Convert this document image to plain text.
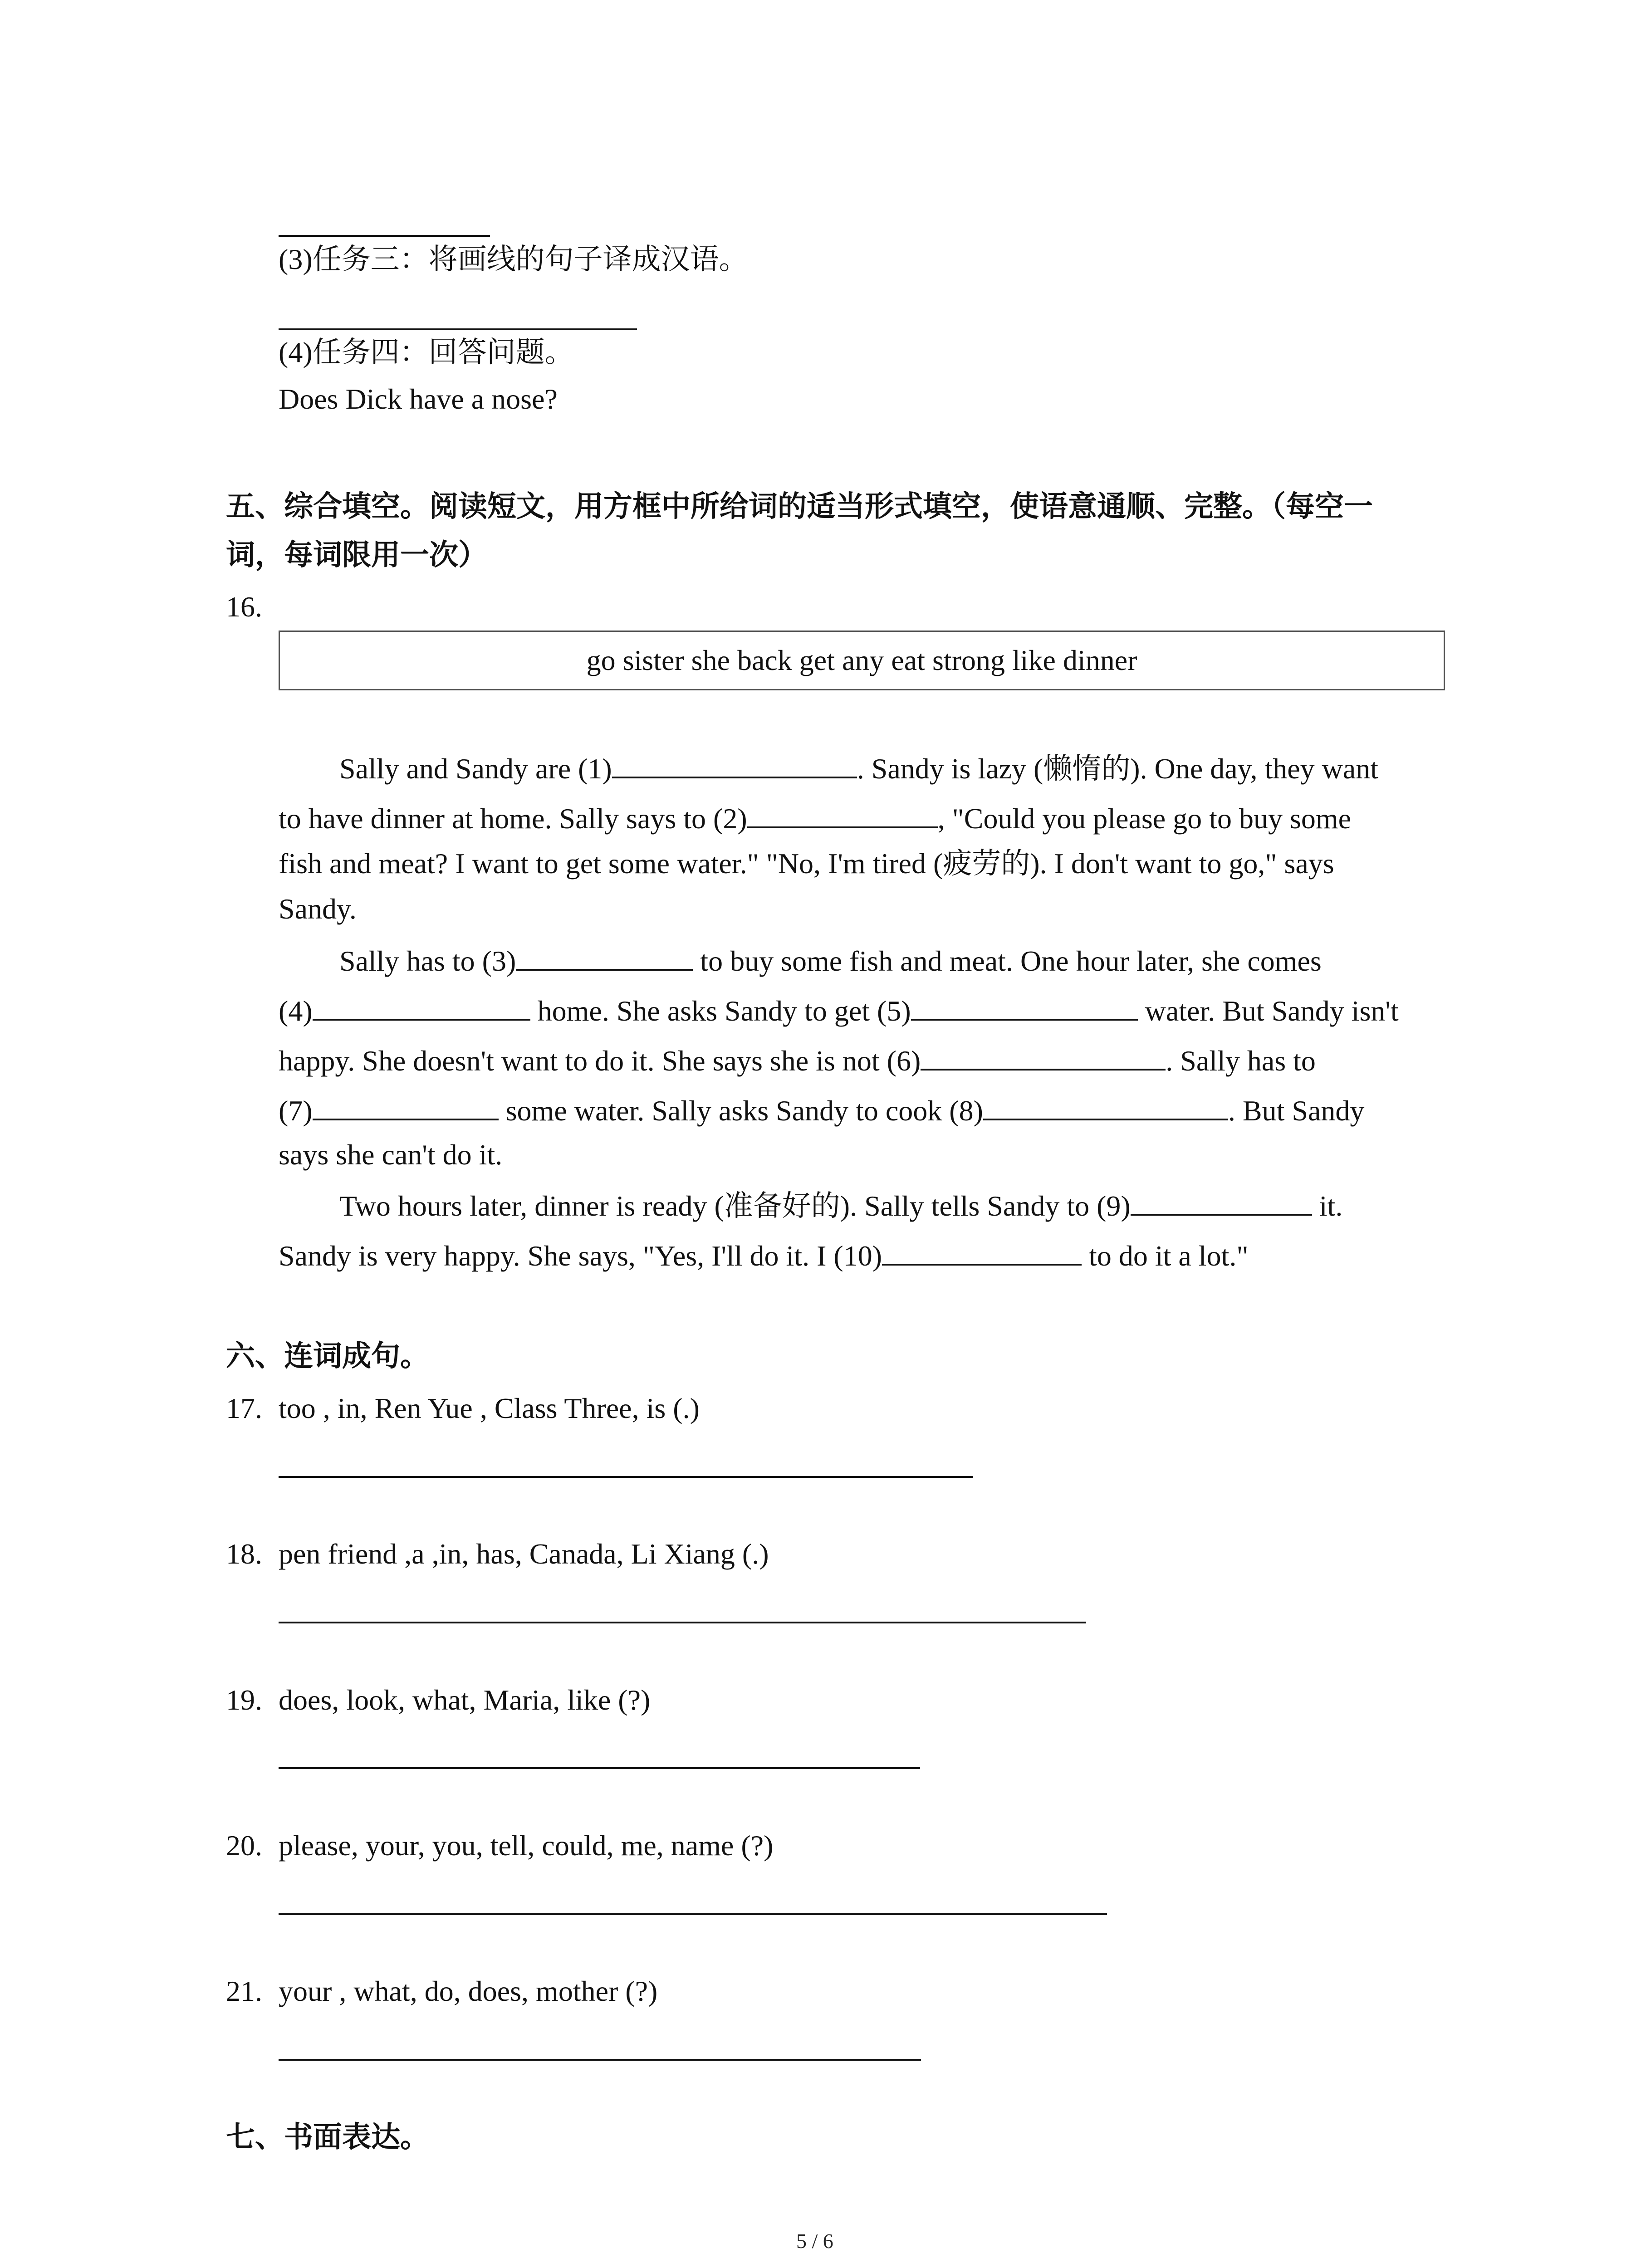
(3)任务三：将画线的句子译成汉语。
(4)任务四：回答问题。
Does Dick have a nose?
五、综合填空。阅读短文，用方框中所给词的适当形式填空，使语意通顺、完整。（每空一
词，每词限用一次）
16.
go sister she back get any eat strong like dinner
Sally and Sandy are (1)	. Sandy is lazy (懒惰的). One day, they want
to have dinner at home. Sally says to (2)	, "Could you please go to buy some
fish and meat? I want to get some water." "No, I'm tired (疲劳的). I don't want to go," says
Sandy.
Sally has to (3)	to buy some fish and meat. One hour later, she comes
(4)	home. She asks Sandy to get (5)	water. But Sandy isn't
happy. She doesn't want to do it. She says she is not (6)	. Sally has to
(7)	some water. Sally asks Sandy to cook (8)	. But Sandy
says she can't do it.
Two hours later, dinner is ready (准备好的). Sally tells Sandy to (9)	it.
Sandy is very happy. She says, "Yes, I'll do it. I (10)	to do it a lot."
六、连词成句。
17. too , in, Ren Yue , Class Three, is (.)
18. pen friend ,a ,in, has, Canada, Li Xiang (.)
19. does, look, what, Maria, like (?)
20. please, your, you, tell, could, me, name (?)
21. your , what, do, does, mother (?)
七、书面表达。
5 / 6
